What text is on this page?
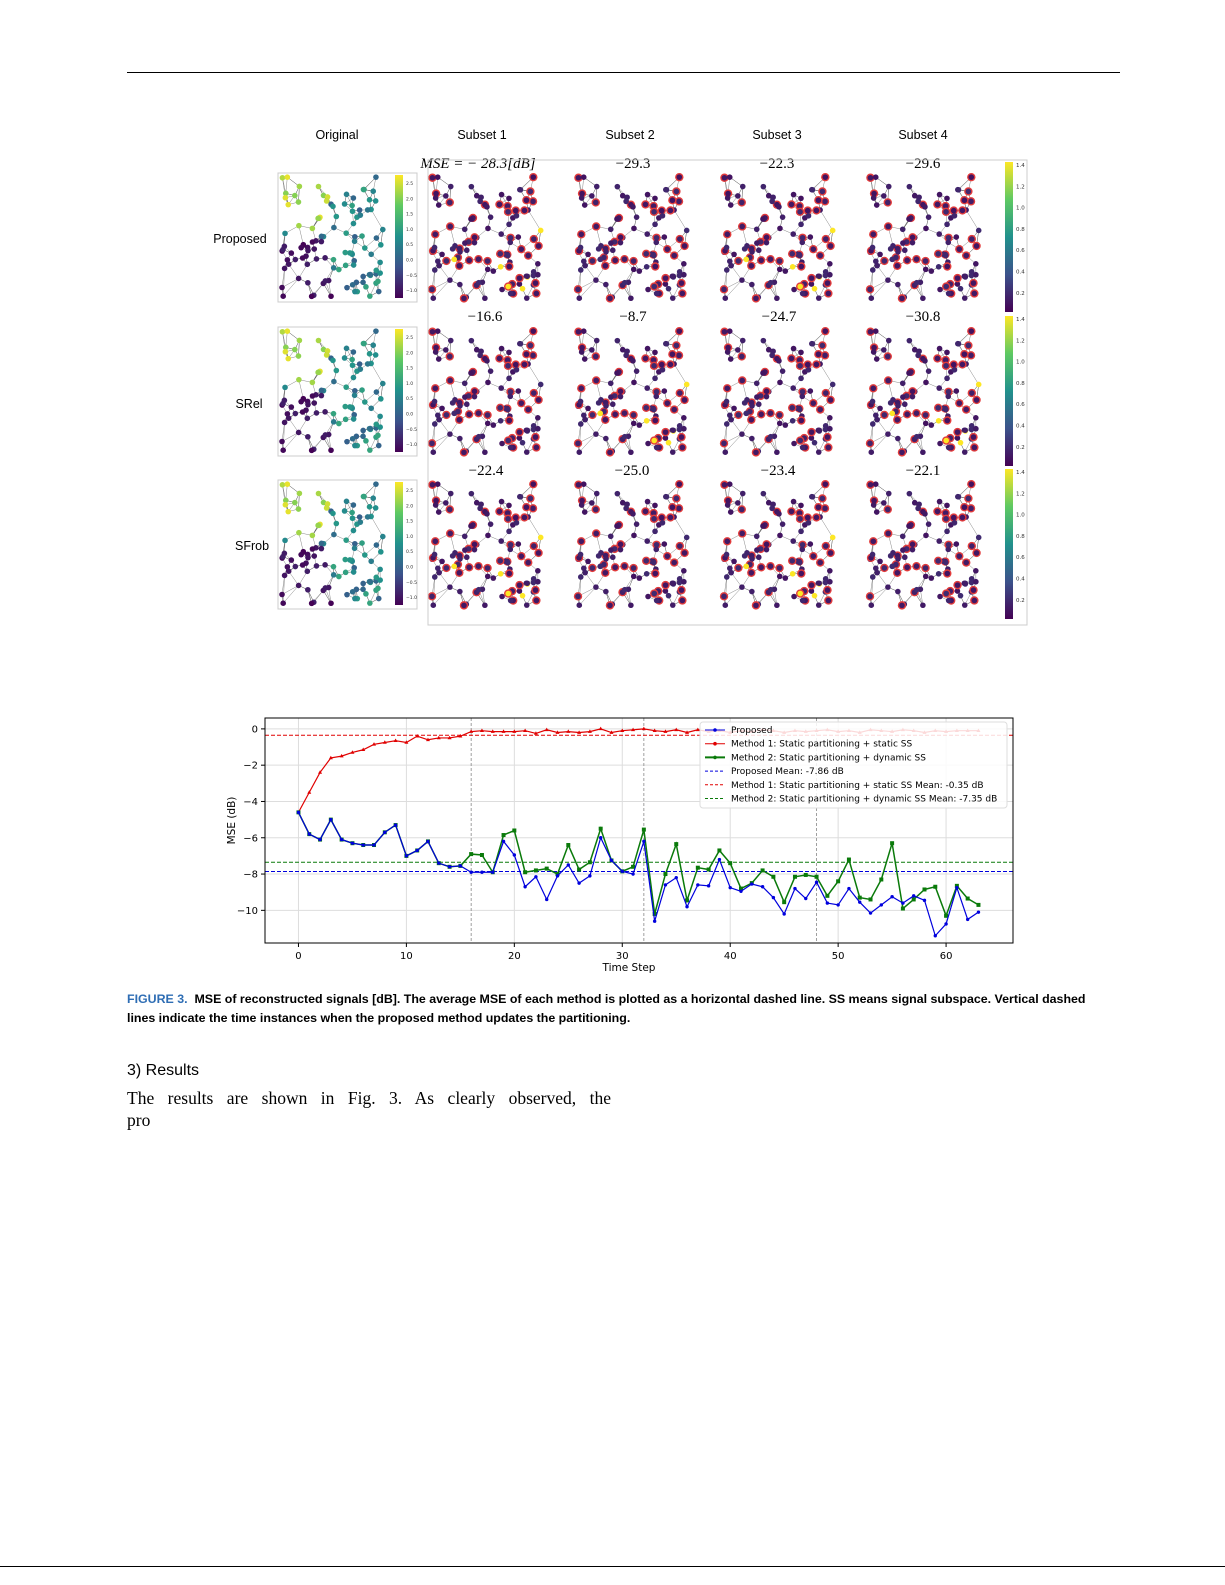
Original	Subset 1	Subset 2	Subset 3	Subset 4
Proposed
SRel
SFrob
MSE = − 28.3[dB]	−29.3	−22.3	−29.6
−16.6	−8.7	−24.7	−30.8
−22.4	−25.0	−23.4	−22.1
2.5
2.0
1.5
1.0
0.5
0.0
−0.5
−1.0
1.4
1.2
1.0
0.8
0.6
0.4
0.2
2.5
2.0
1.5
1.0
0.5
0.0
−0.5
−1.0
1.4
1.2
1.0
0.8
0.6
0.4
0.2
2.5
2.0
1.5
1.0
0.5
0.0
−0.5
−1.0
1.4
1.2
1.0
0.8
0.6
0.4
0.2
0
−2
−4
−6
−8
−10
0	10	20	30	40	50	60
Proposed
Method 1: Static partitioning + static SS
Method 2: Static partitioning + dynamic SS
Proposed Mean: -7.86 dB
Method 1: Static partitioning + static SS Mean: -0.35 dB
Method 2: Static partitioning + dynamic SS Mean: -7.35 dB
Time Step
MSE (dB)
FIGURE 3. MSE of reconstructed signals [dB]. The average MSE of each method is plotted as a horizontal dashed line. SS means signal subspace. Vertical dashed lines indicate the time instances when the proposed method updates the partitioning.
3) Results
The results are shown in Fig. 3. As clearly observed, the
pro
